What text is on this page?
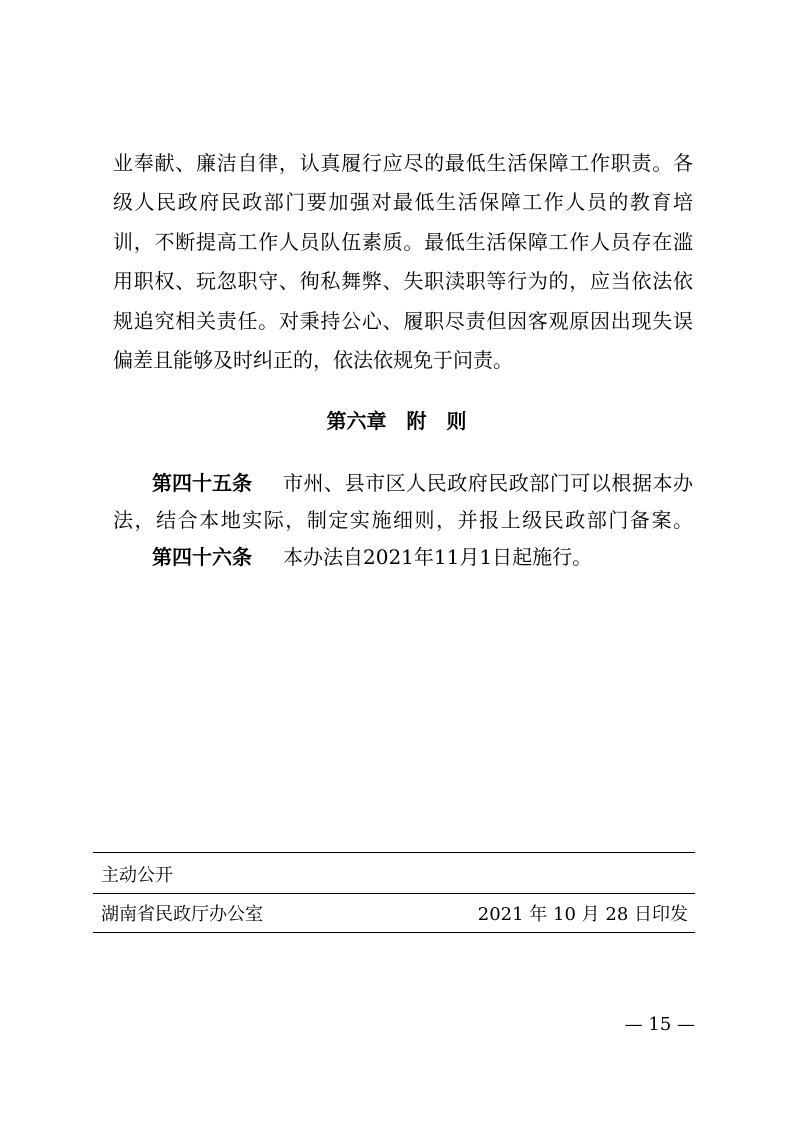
业奉献、廉洁自律，认真履行应尽的最低生活保障工作职责。各
级人民政府民政部门要加强对最低生活保障工作人员的教育培
训，不断提高工作人员队伍素质。最低生活保障工作人员存在滥
用职权、玩忽职守、徇私舞弊、失职渎职等行为的，应当依法依
规追究相关责任。对秉持公心、履职尽责但因客观原因出现失误
偏差且能够及时纠正的，依法依规免于问责。
第六章　附　则
第四十五条 市州、县市区人民政府民政部门可以根据本办
法，结合本地实际，制定实施细则，并报上级民政部门备案。
第四十六条 本办法自2021年11月1日起施行。
主动公开
湖南省民政厅办公室	2021 年 10 月 28 日印发
— 15 —
